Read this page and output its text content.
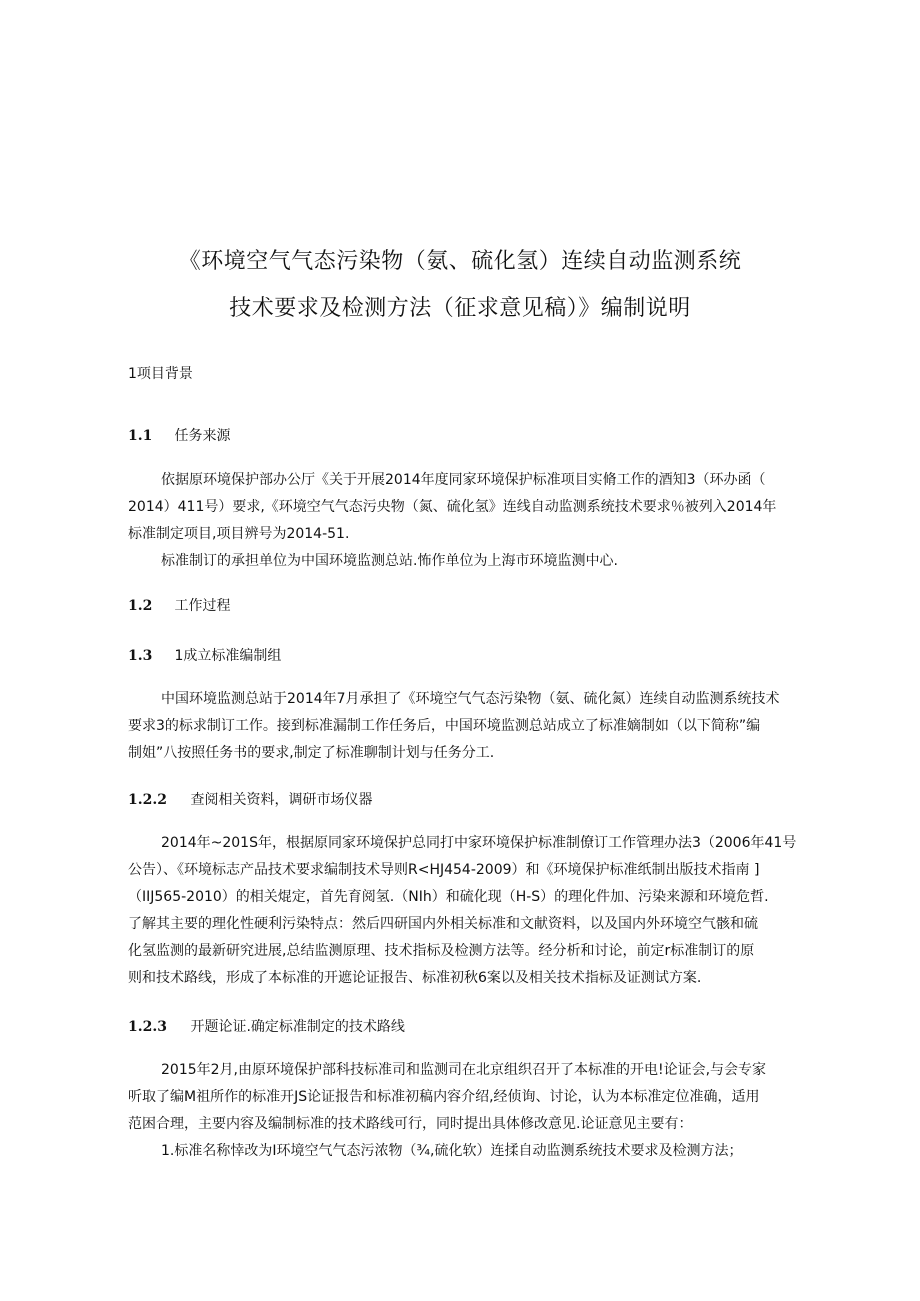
《环境空气气态污染物（氨、硫化氢）连续自动监测系统
技术要求及检测方法（征求意见稿）》编制说明
1项目背景
1.1 任务来源
依据原环境保护部办公厅《关于开展2014年度同家环境保护标准项目实脩工作的酒知3（环办函（
2014）411号）要求,《环境空气气态污央物（氮、硫化氢》连线自动监测系统技术要求％被列入2014年
标准制定项目,项目辨号为2014-51.
标准制订的承担单位为中国环境监测总站.怖作单位为上海市环境监测中心.
1.2 工作过程
1.3 1成立标准编制组
中国环境监测总站于2014年7月承担了《环境空气气态污染物（氨、硫化氮）连续自动监测系统技术
要求3的标求制订工作。接到标准漏制工作任务后，中国环境监测总站成立了标准嫡制如（以下简称”编
制姐”八按照任务书的要求,制定了标准聊制计划与任务分工.
1.2.2 查阅相关资料，调研市场仪器
2014年~201S年，根据原同家环境保护总同打中家环境保护标准制僚订工作管理办法3（2006年41号
公告）、《环境标志产品技术要求编制技术导则R<HJ454-2009）和《环境保护标准纸制出版技术指南 ]
（IIJ565-2010）的相关焜定，首先育阅氢.（NIh）和硫化现（H-S）的理化件加、污染来源和环境危哲.
了解其主要的理化性硬利污染特点：然后四研国内外相关标准和文献资料，以及国内外环境空气骸和硫
化氢监测的最新研究进展,总结监测原理、技术指标及检测方法等。经分析和讨论，前定r标准制订的原
则和技术路线，形成了本标准的开遮论证报告、标准初秋6案以及相关技术指标及证测试方案.
1.2.3 开题论证.确定标准制定的技术路线
2015年2月,由原环境保护部科技标准司和监测司在北京组织召开了本标准的开电!论证会,与会专家
听取了编M祖所作的标准开JS论证报告和标准初稿内容介绍,经侦询、讨论，认为本标准定位准确，适用
范困合理，主要内容及编制标准的技术路线可行，同时提出具体修改意见.论证意见主要有：
1.标准名称悻改为I环境空气气态污浓物（¾,硫化软）连揉自动监测系统技术要求及检测方法；
